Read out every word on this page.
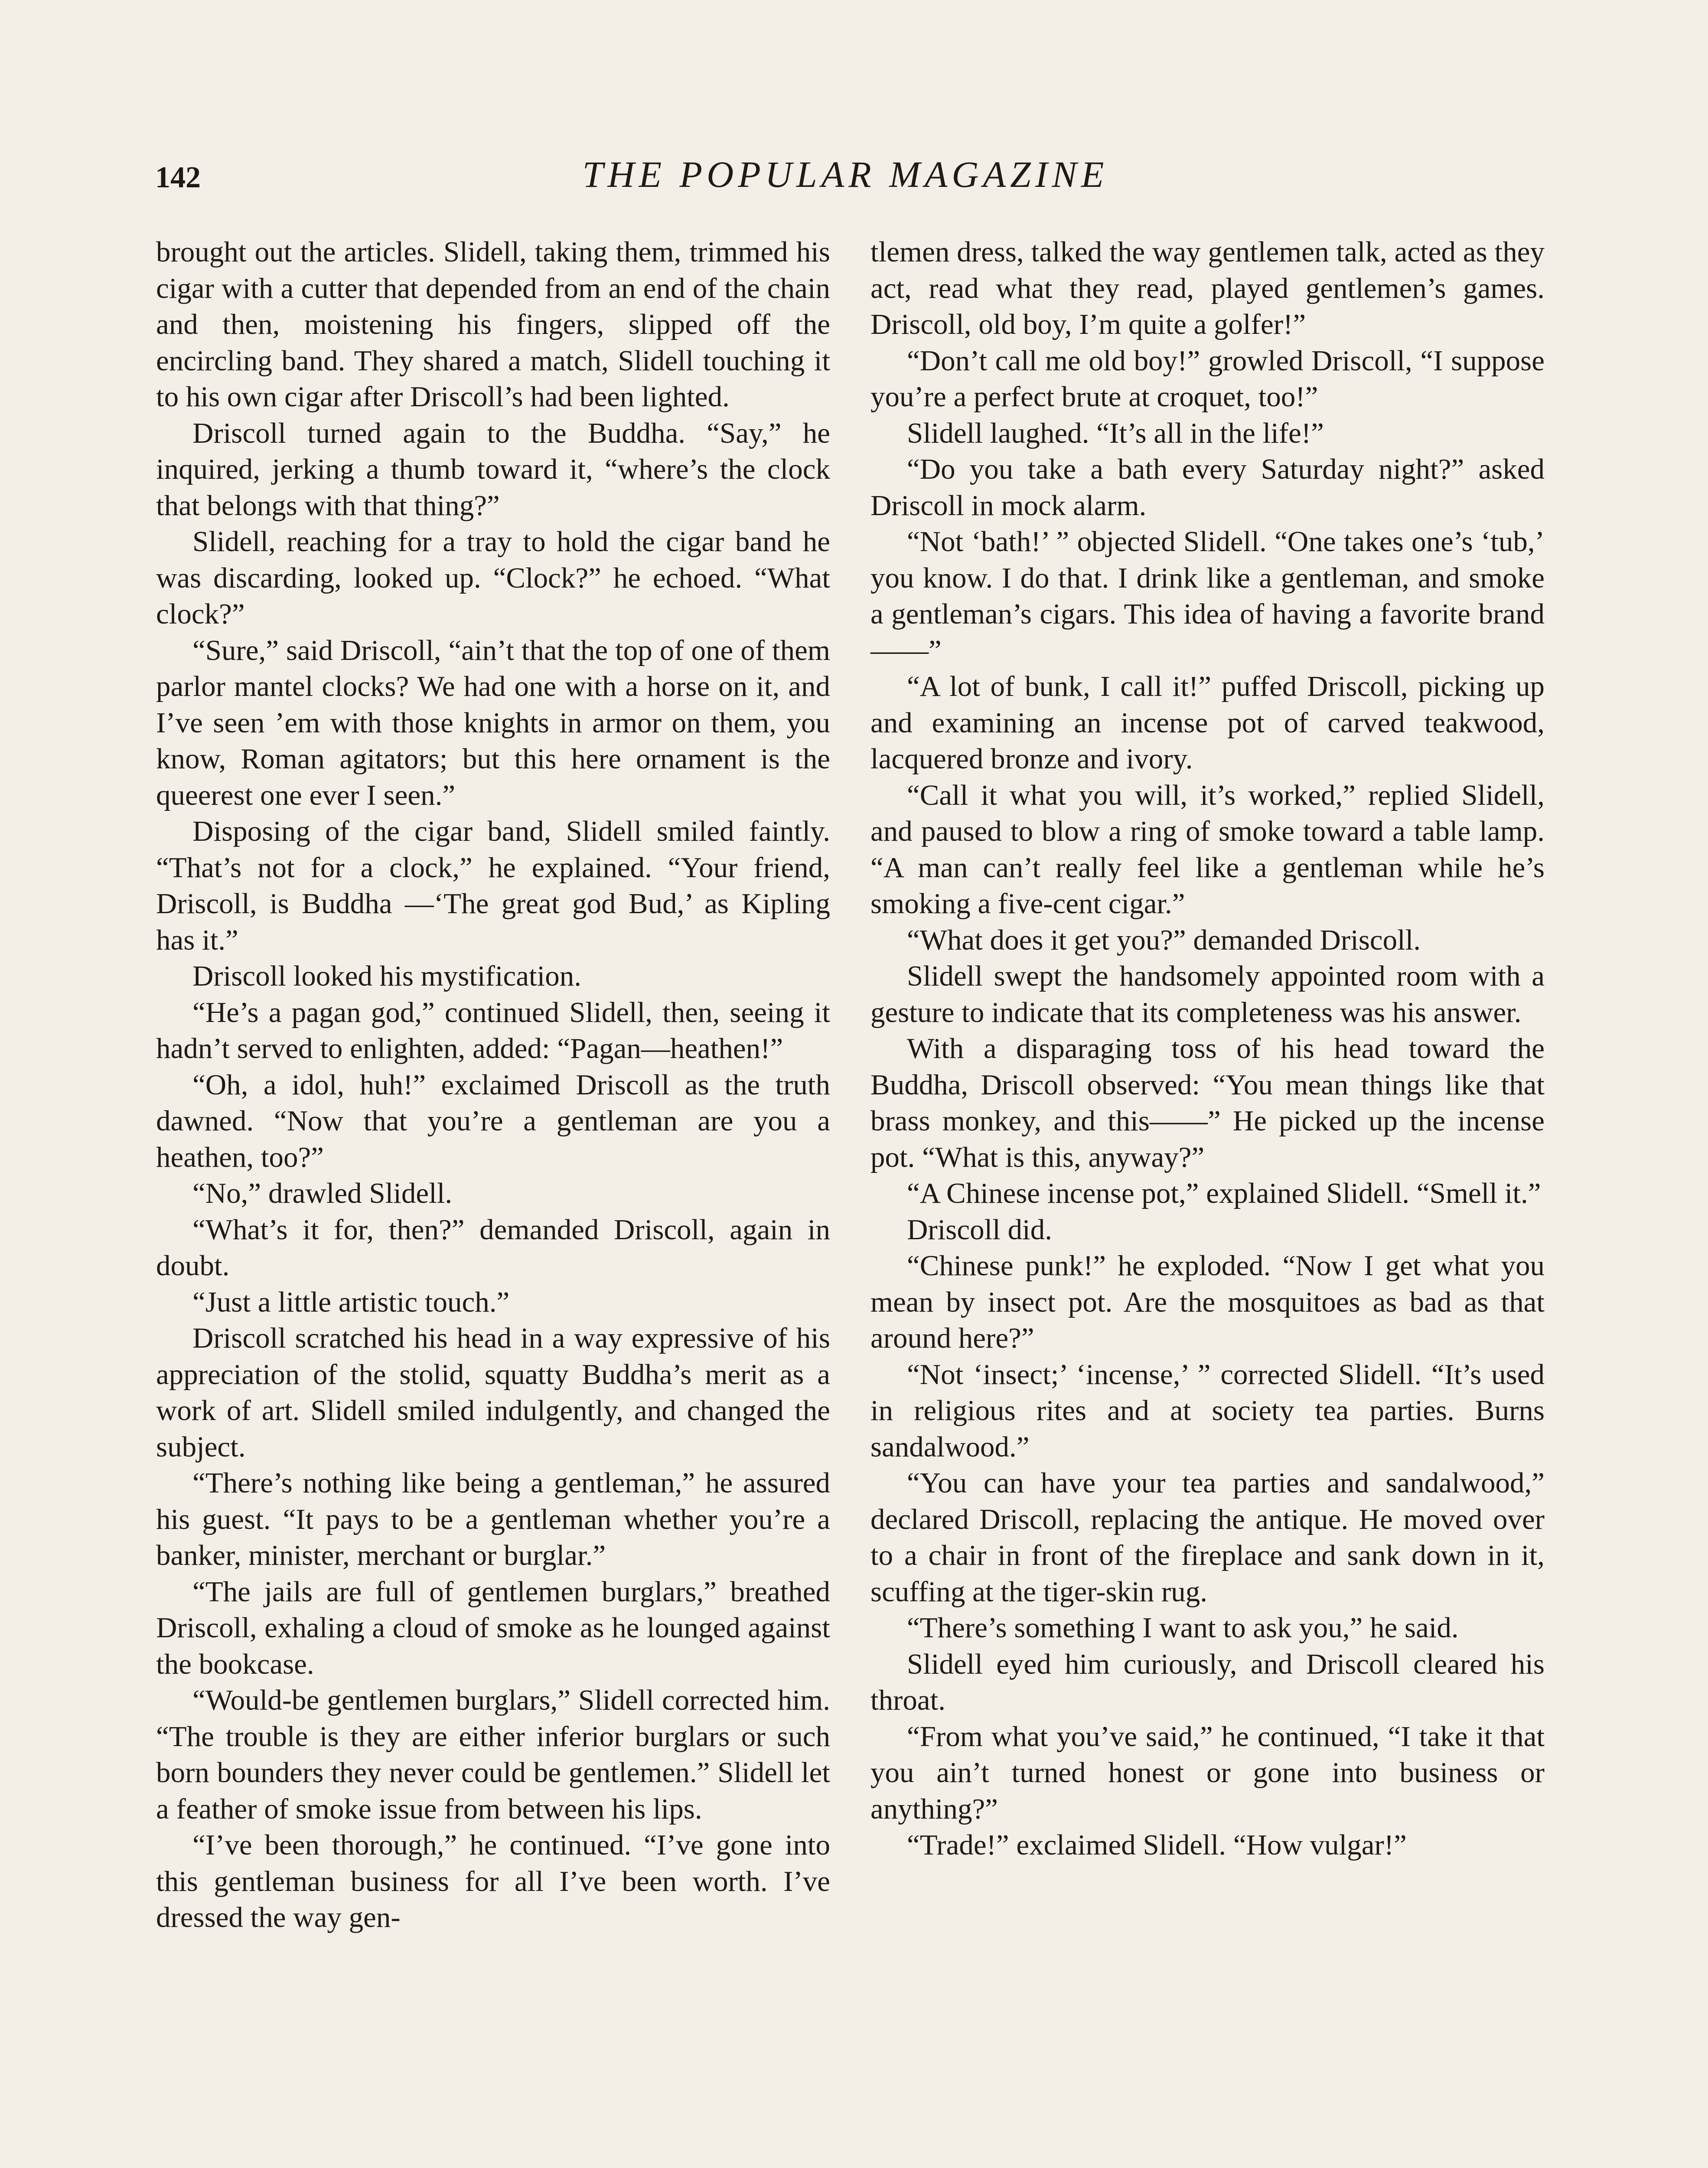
142	THE POPULAR MAGAZINE

brought out the articles. Slidell, taking them, trimmed his cigar with a cutter that depended from an end of the chain and then, moistening his fingers, slipped off the encircling band. They shared a match, Slidell touching it to his own cigar after Driscoll’s had been lighted.

Driscoll turned again to the Buddha. “Say,” he inquired, jerking a thumb toward it, “where’s the clock that belongs with that thing?”

Slidell, reaching for a tray to hold the cigar band he was discarding, looked up. “Clock?” he echoed. “What clock?”

“Sure,” said Driscoll, “ain’t that the top of one of them parlor mantel clocks? We had one with a horse on it, and I’ve seen ’em with those knights in armor on them, you know, Roman agitators; but this here ornament is the queerest one ever I seen.”

Disposing of the cigar band, Slidell smiled faintly. “That’s not for a clock,” he explained. “Your friend, Driscoll, is Buddha —‘The great god Bud,’ as Kipling has it.”

Driscoll looked his mystification.

“He’s a pagan god,” continued Slidell, then, seeing it hadn’t served to enlighten, added: “Pagan—heathen!”

“Oh, a idol, huh!” exclaimed Driscoll as the truth dawned. “Now that you’re a gentleman are you a heathen, too?”

“No,” drawled Slidell.

“What’s it for, then?” demanded Driscoll, again in doubt.

“Just a little artistic touch.”

Driscoll scratched his head in a way expressive of his appreciation of the stolid, squatty Buddha’s merit as a work of art. Slidell smiled indulgently, and changed the subject.

“There’s nothing like being a gentleman,” he assured his guest. “It pays to be a gentleman whether you’re a banker, minister, merchant or burglar.”

“The jails are full of gentlemen burglars,” breathed Driscoll, exhaling a cloud of smoke as he lounged against the bookcase.

“Would-be gentlemen burglars,” Slidell corrected him. “The trouble is they are either inferior burglars or such born bounders they never could be gentlemen.” Slidell let a feather of smoke issue from between his lips.

“I’ve been thorough,” he continued. “I’ve gone into this gentleman business for all I’ve been worth. I’ve dressed the way gen-

tlemen dress, talked the way gentlemen talk, acted as they act, read what they read, played gentlemen’s games. Driscoll, old boy, I’m quite a golfer!”

“Don’t call me old boy!” growled Driscoll, “I suppose you’re a perfect brute at croquet, too!”

Slidell laughed. “It’s all in the life!”

“Do you take a bath every Saturday night?” asked Driscoll in mock alarm.

“Not ‘bath!’ ” objected Slidell. “One takes one’s ‘tub,’ you know. I do that. I drink like a gentleman, and smoke a gentleman’s cigars. This idea of having a favorite brand——”

“A lot of bunk, I call it!” puffed Driscoll, picking up and examining an incense pot of carved teakwood, lacquered bronze and ivory.

“Call it what you will, it’s worked,” replied Slidell, and paused to blow a ring of smoke toward a table lamp. “A man can’t really feel like a gentleman while he’s smoking a five-cent cigar.”

“What does it get you?” demanded Driscoll.

Slidell swept the handsomely appointed room with a gesture to indicate that its completeness was his answer.

With a disparaging toss of his head toward the Buddha, Driscoll observed: “You mean things like that brass monkey, and this——” He picked up the incense pot. “What is this, anyway?”

“A Chinese incense pot,” explained Slidell. “Smell it.”

Driscoll did.

“Chinese punk!” he exploded. “Now I get what you mean by insect pot. Are the mosquitoes as bad as that around here?”

“Not ‘insect;’ ‘incense,’ ” corrected Slidell. “It’s used in religious rites and at society tea parties. Burns sandalwood.”

“You can have your tea parties and sandalwood,” declared Driscoll, replacing the antique. He moved over to a chair in front of the fireplace and sank down in it, scuffing at the tiger-skin rug.

“There’s something I want to ask you,” he said.

Slidell eyed him curiously, and Driscoll cleared his throat.

“From what you’ve said,” he continued, “I take it that you ain’t turned honest or gone into business or anything?”

“Trade!” exclaimed Slidell. “How vulgar!”
